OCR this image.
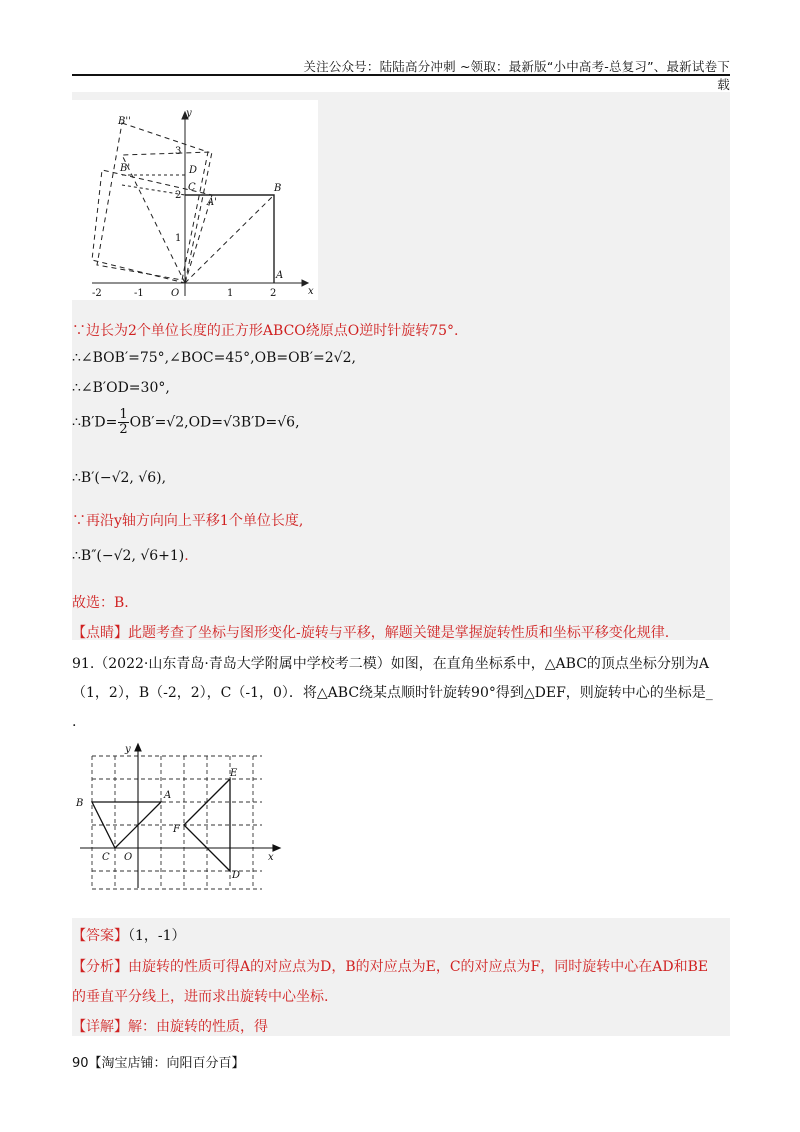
关注公众号：陆陆高分冲刺 ~领取：最新版“小中高考-总复习”、最新试卷下载
B''
B'	D
C
A'
B
A
O
y
x
3
2
1
-2	-1	1	2
∵边长为2个单位长度的正方形ABCO绕原点O逆时针旋转75°.
∴∠BOB′=75°,∠BOC=45°,OB=OB′=2√2,
∴∠B′OD=30°,
∴B′D= $\frac{1}{2} OB'=√2,OD=√3B'D=√6$,
∴B′(−√2, √6),
∵再沿y轴方向向上平移1个单位长度,
∴B″(−√2, √6+1).
故选：B.
【点睛】此题考查了坐标与图形变化-旋转与平移，解题关键是掌握旋转性质和坐标平移变化规律.
91.（2022·山东青岛·青岛大学附属中学校考二模）如图，在直角坐标系中，△ABC的顶点坐标分别为A（1，2），B（-2，2），C（-1，0）．将△ABC绕某点顺时针旋转90°得到△DEF，则旋转中心的坐标是_
.
B
A
E
F
C O
D
y
x
【答案】（1，-1）
【分析】由旋转的性质可得A的对应点为D，B的对应点为E，C的对应点为F，同时旋转中心在AD和BE
的垂直平分线上，进而求出旋转中心坐标.
【详解】解：由旋转的性质，得
90【淘宝店铺：向阳百分百】
